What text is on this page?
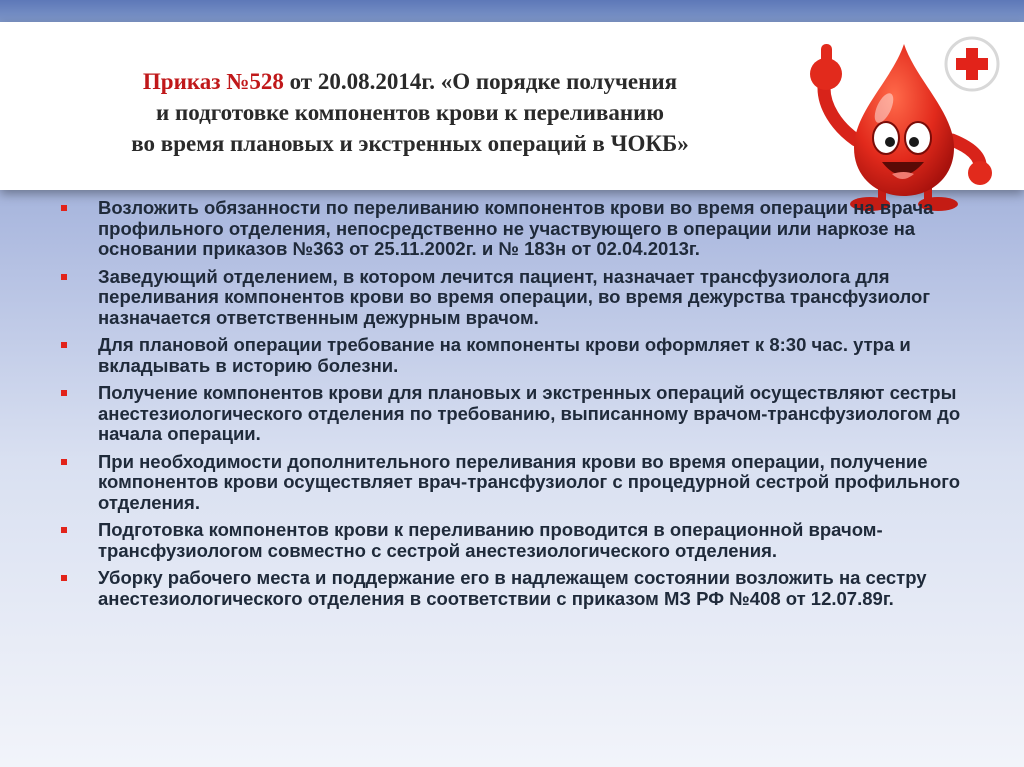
Приказ №528 от 20.08.2014г. «О порядке получения
и подготовке компонентов крови к переливанию
во время плановых и экстренных операций в ЧОКБ»
Возложить обязанности по переливанию компонентов крови во время операции на врача профильного отделения, непосредственно не участвующего в операции или наркозе на основании приказов №363 от 25.11.2002г. и № 183н от 02.04.2013г.
Заведующий отделением, в котором лечится пациент, назначает трансфузиолога для переливания компонентов крови во время операции, во время дежурства трансфузиолог назначается ответственным дежурным врачом.
Для плановой операции требование на компоненты крови оформляет к 8:30 час. утра и вкладывать в историю болезни.
Получение компонентов крови для плановых и экстренных операций осуществляют сестры анестезиологического отделения по требованию, выписанному врачом-трансфузиологом до начала операции.
При необходимости дополнительного переливания крови во время операции, получение компонентов крови осуществляет врач-трансфузиолог с процедурной сестрой профильного отделения.
Подготовка компонентов крови к переливанию проводится в операционной врачом-трансфузиологом совместно с сестрой анестезиологического отделения.
Уборку рабочего места и поддержание его в надлежащем состоянии возложить на сестру анестезиологического отделения в соответствии с приказом МЗ РФ №408 от 12.07.89г.
